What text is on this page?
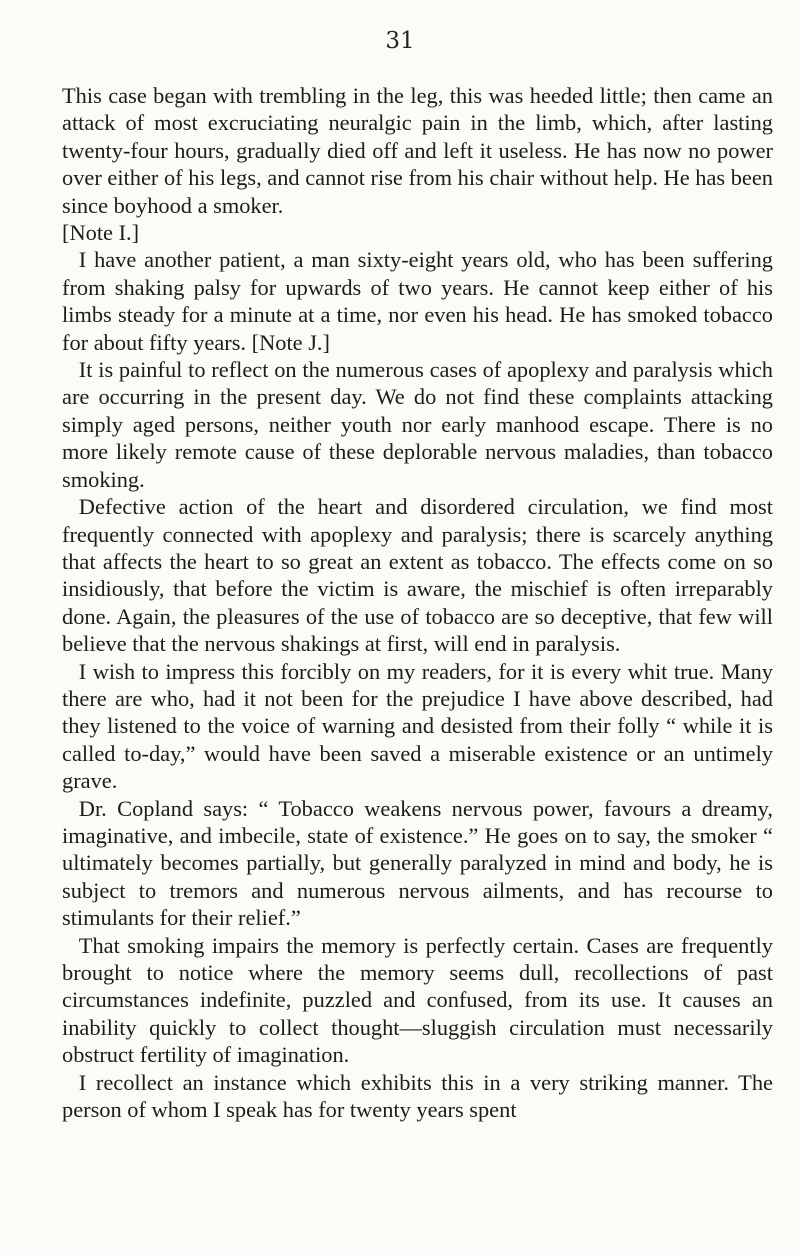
31

This case began with trembling in the leg, this was heeded little; then came an attack of most excruciating neuralgic pain in the limb, which, after lasting twenty-four hours, gradually died off and left it useless. He has now no power over either of his legs, and cannot rise from his chair without help. He has been since boyhood a smoker.

[Note I.]

I have another patient, a man sixty-eight years old, who has been suffering from shaking palsy for upwards of two years. He cannot keep either of his limbs steady for a minute at a time, nor even his head. He has smoked tobacco for about fifty years. [Note J.]

It is painful to reflect on the numerous cases of apoplexy and paralysis which are occurring in the present day. We do not find these complaints attacking simply aged persons, neither youth nor early manhood escape. There is no more likely remote cause of these deplorable nervous maladies, than tobacco smoking.

Defective action of the heart and disordered circulation, we find most frequently connected with apoplexy and paralysis; there is scarcely anything that affects the heart to so great an extent as tobacco. The effects come on so insidiously, that before the victim is aware, the mischief is often irreparably done. Again, the pleasures of the use of tobacco are so deceptive, that few will believe that the nervous shakings at first, will end in paralysis.

I wish to impress this forcibly on my readers, for it is every whit true. Many there are who, had it not been for the prejudice I have above described, had they listened to the voice of warning and desisted from their folly “ while it is called to-day,” would have been saved a miserable existence or an untimely grave.

Dr. Copland says: “ Tobacco weakens nervous power, favours a dreamy, imaginative, and imbecile, state of existence.” He goes on to say, the smoker “ ultimately becomes partially, but generally paralyzed in mind and body, he is subject to tremors and numerous nervous ailments, and has recourse to stimulants for their relief.”

That smoking impairs the memory is perfectly certain. Cases are frequently brought to notice where the memory seems dull, recollections of past circumstances indefinite, puzzled and confused, from its use. It causes an inability quickly to collect thought—sluggish circulation must necessarily obstruct fertility of imagination.

I recollect an instance which exhibits this in a very striking manner. The person of whom I speak has for twenty years spent
